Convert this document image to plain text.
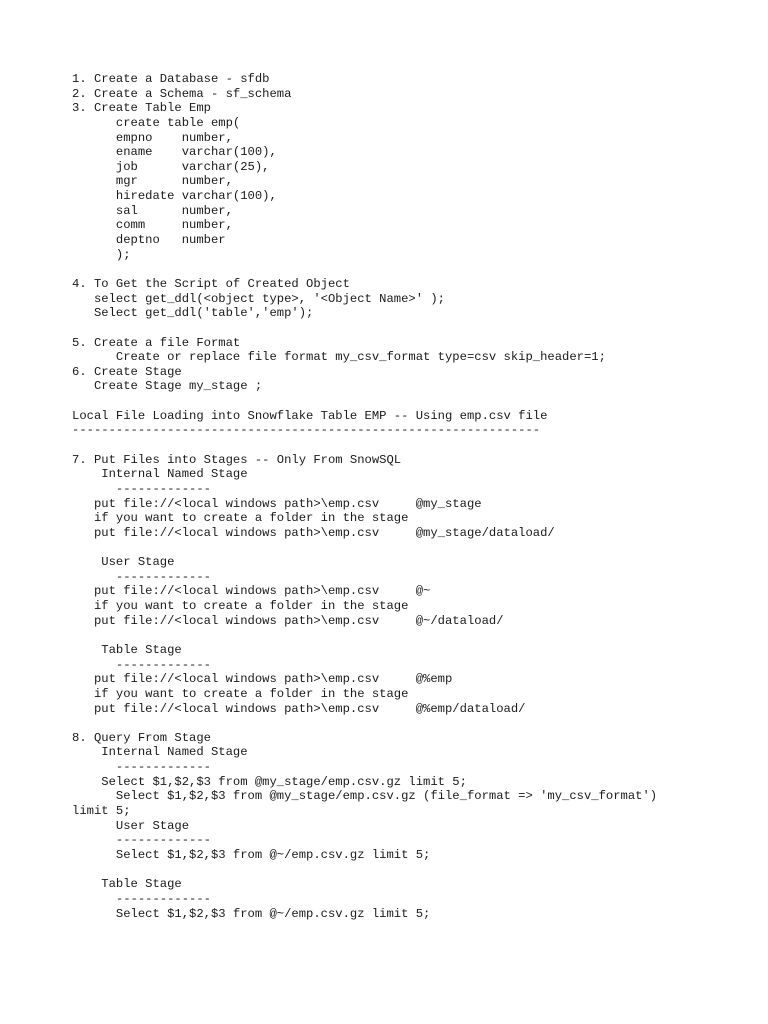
1. Create a Database - sfdb
2. Create a Schema - sf_schema
3. Create Table Emp
create table emp(
empno    number,
ename    varchar(100),
job      varchar(25),
mgr      number,
hiredate varchar(100),
sal      number,
comm     number,
deptno   number
);
4. To Get the Script of Created Object
select get_ddl(<object type>, '<Object Name>' );
Select get_ddl('table','emp');
5. Create a file Format
Create or replace file format my_csv_format type=csv skip_header=1;
6. Create Stage
Create Stage my_stage ;
Local File Loading into Snowflake Table EMP -- Using emp.csv file
----------------------------------------------------------------
7. Put Files into Stages -- Only From SnowSQL
Internal Named Stage
-------------
put file://<local windows path>\emp.csv     @my_stage
if you want to create a folder in the stage
put file://<local windows path>\emp.csv     @my_stage/dataload/
User Stage
-------------
put file://<local windows path>\emp.csv     @~
if you want to create a folder in the stage
put file://<local windows path>\emp.csv     @~/dataload/
Table Stage
-------------
put file://<local windows path>\emp.csv     @%emp
if you want to create a folder in the stage
put file://<local windows path>\emp.csv     @%emp/dataload/
8. Query From Stage
Internal Named Stage
-------------
Select $1,$2,$3 from @my_stage/emp.csv.gz limit 5;
Select $1,$2,$3 from @my_stage/emp.csv.gz (file_format => 'my_csv_format')
limit 5;
User Stage
-------------
Select $1,$2,$3 from @~/emp.csv.gz limit 5;
Table Stage
-------------
Select $1,$2,$3 from @~/emp.csv.gz limit 5;
